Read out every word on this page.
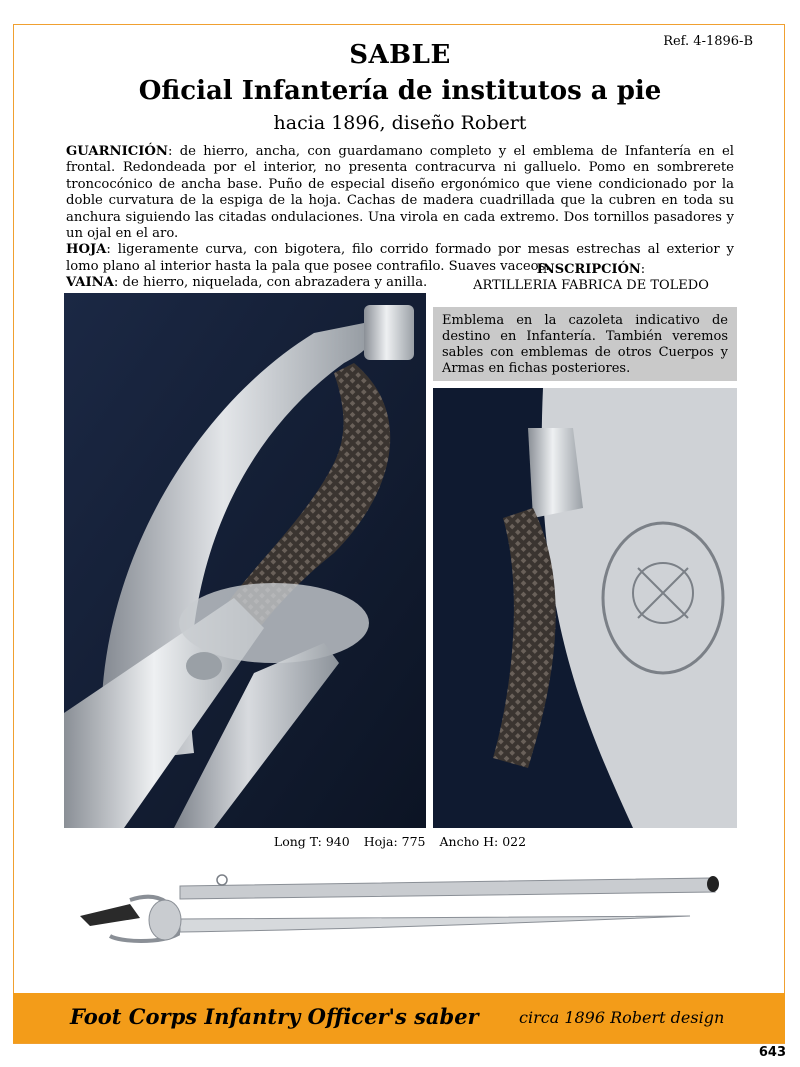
Ref. 4-1896-B
SABLE
Oficial Infantería de institutos a pie
hacia 1896, diseño Robert

GUARNICIÓN: de hierro, ancha, con guardamano completo y el emblema de Infantería en el frontal. Redondeada por el interior, no presenta contracurva ni galluelo. Pomo en sombrerete troncocónico de ancha base. Puño de especial diseño ergonómico que viene condicionado por la doble curvatura de la espiga de la hoja. Cachas de madera cuadrillada que la cubren en toda su anchura siguiendo las citadas ondulaciones. Una virola en cada extremo. Dos tornillos pasadores y un ojal en el aro.

HOJA: ligeramente curva, con bigotera, filo corrido formado por mesas estrechas al exterior y lomo plano al interior hasta la pala que posee contrafilo. Suaves vaceos.

VAINA: de hierro, niquelada, con abrazadera y anilla.

INSCRIPCIÓN:
ARTILLERIA FABRICA DE TOLEDO
Emblema en la cazoleta indicativo de destino en Infantería. También veremos sables con emblemas de otros Cuerpos y Armas en fichas posteriores.
Long T: 940 Hoja: 775 Ancho H: 022
Foot Corps Infantry Officer's saber	circa 1896 Robert design
643
